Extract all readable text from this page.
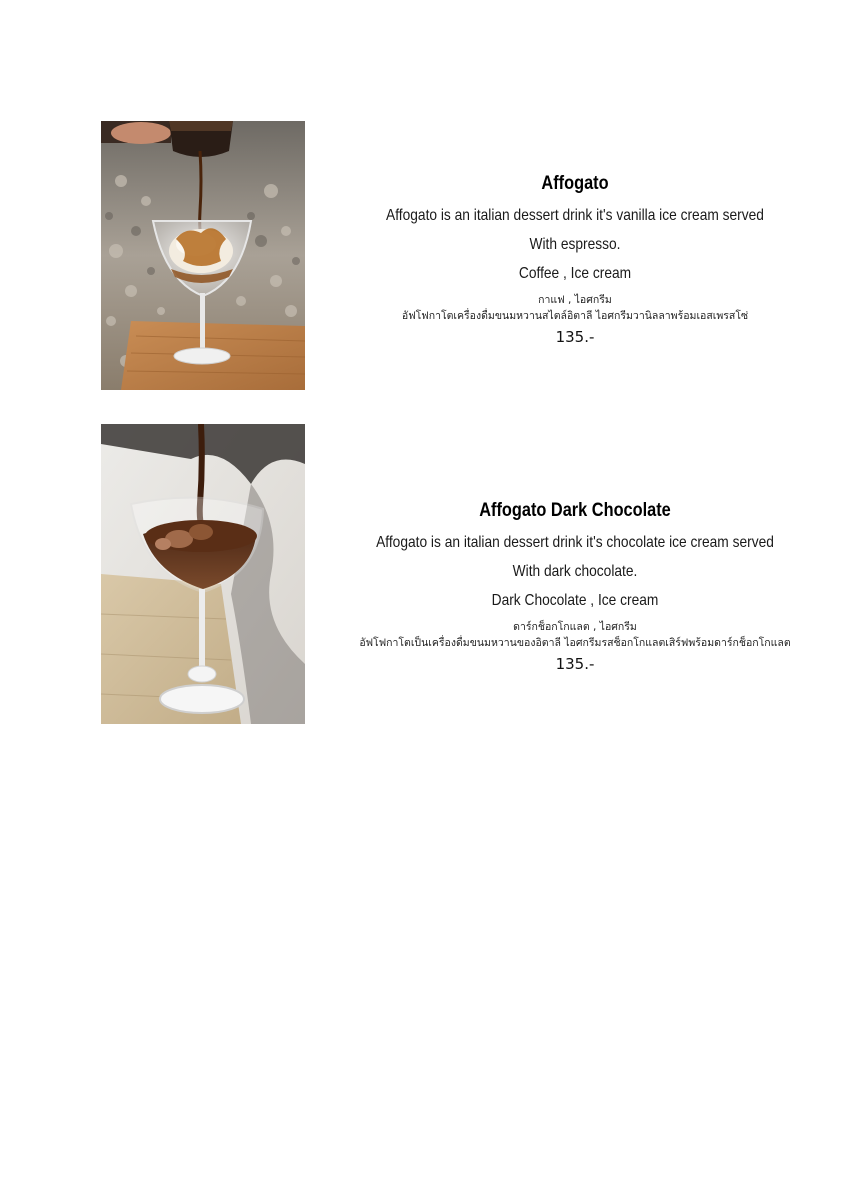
Affogato
Affogato is an italian dessert drink it's vanilla ice cream served
With espresso.
Coffee , Ice cream
กาแฟ , ไอศกรีม
อัฟโฟกาโตเครื่องดื่มขนมหวานสไตล์อิตาลี ไอศกรีมวานิลลาพร้อมเอสเพรสโซ่
135.-
Affogato Dark Chocolate
Affogato is an italian dessert drink it's chocolate ice cream served
With dark chocolate.
Dark Chocolate , Ice cream
ดาร์กช็อกโกแลต , ไอศกรีม
อัฟโฟกาโตเป็นเครื่องดื่มขนมหวานของอิตาลี ไอศกรีมรสช็อกโกแลตเสิร์ฟพร้อมดาร์กช็อกโกแลต
135.-
